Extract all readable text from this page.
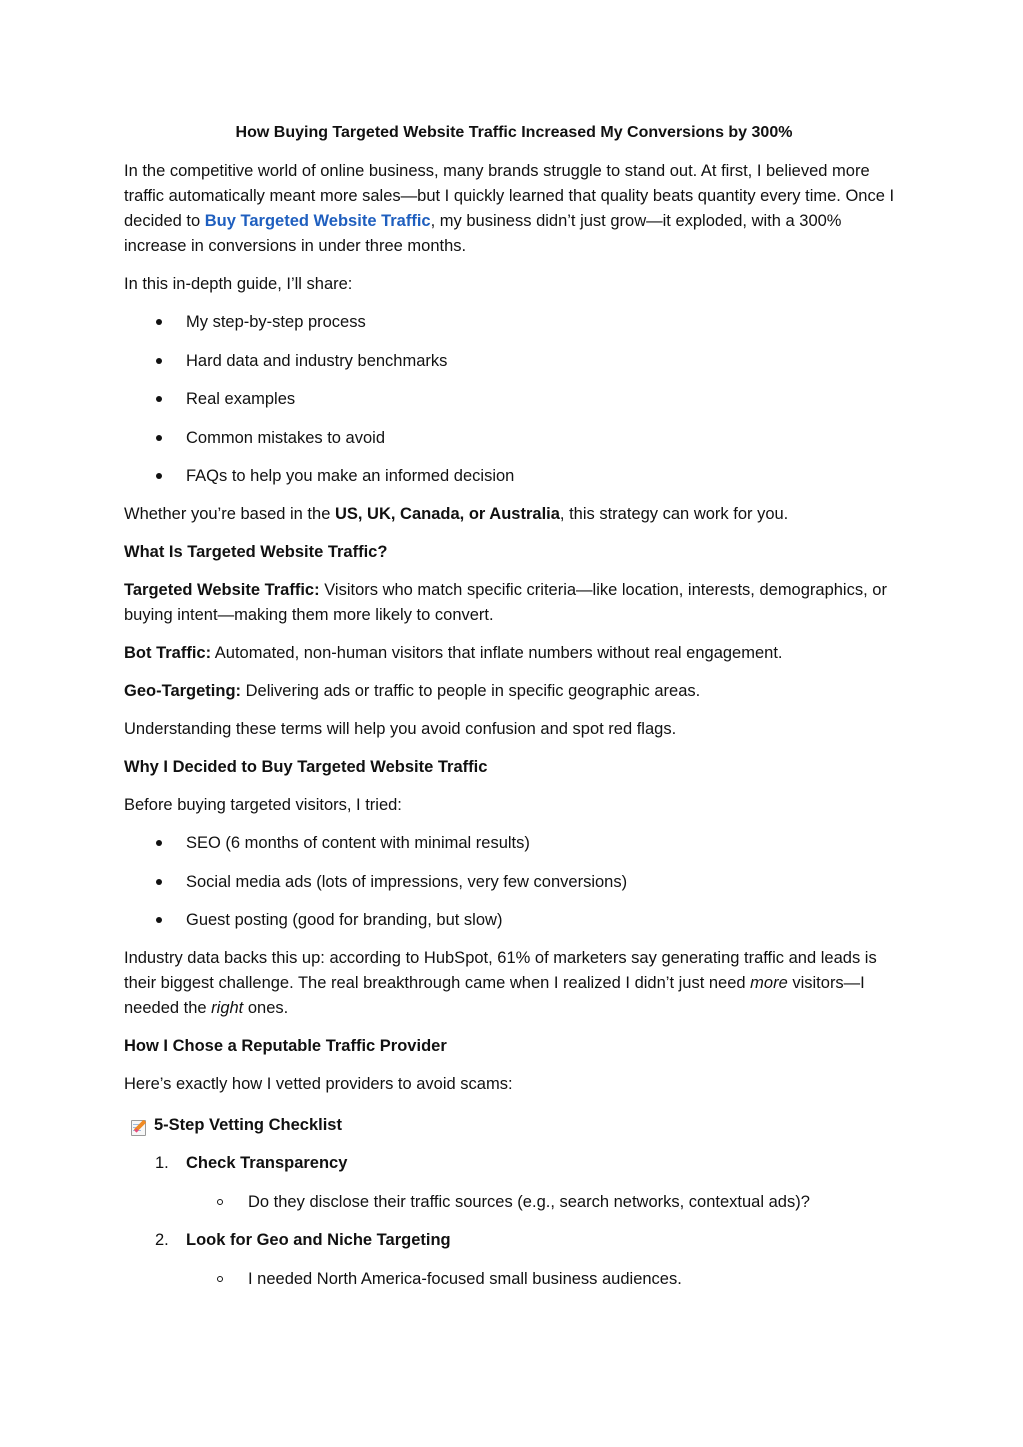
How Buying Targeted Website Traffic Increased My Conversions by 300%

In the competitive world of online business, many brands struggle to stand out. At first, I believed more traffic automatically meant more sales—but I quickly learned that quality beats quantity every time. Once I decided to Buy Targeted Website Traffic, my business didn’t just grow—it exploded, with a 300% increase in conversions in under three months.

In this in-depth guide, I’ll share:

My step-by-step process
Hard data and industry benchmarks
Real examples
Common mistakes to avoid
FAQs to help you make an informed decision

Whether you’re based in the US, UK, Canada, or Australia, this strategy can work for you.

What Is Targeted Website Traffic?

Targeted Website Traffic: Visitors who match specific criteria—like location, interests, demographics, or buying intent—making them more likely to convert.

Bot Traffic: Automated, non-human visitors that inflate numbers without real engagement.

Geo-Targeting: Delivering ads or traffic to people in specific geographic areas.

Understanding these terms will help you avoid confusion and spot red flags.

Why I Decided to Buy Targeted Website Traffic

Before buying targeted visitors, I tried:

SEO (6 months of content with minimal results)
Social media ads (lots of impressions, very few conversions)
Guest posting (good for branding, but slow)

Industry data backs this up: according to HubSpot, 61% of marketers say generating traffic and leads is their biggest challenge. The real breakthrough came when I realized I didn’t just need more visitors—I needed the right ones.

How I Chose a Reputable Traffic Provider

Here’s exactly how I vetted providers to avoid scams:

5-Step Vetting Checklist
1. Check Transparency
Do they disclose their traffic sources (e.g., search networks, contextual ads)?
2. Look for Geo and Niche Targeting
I needed North America-focused small business audiences.
